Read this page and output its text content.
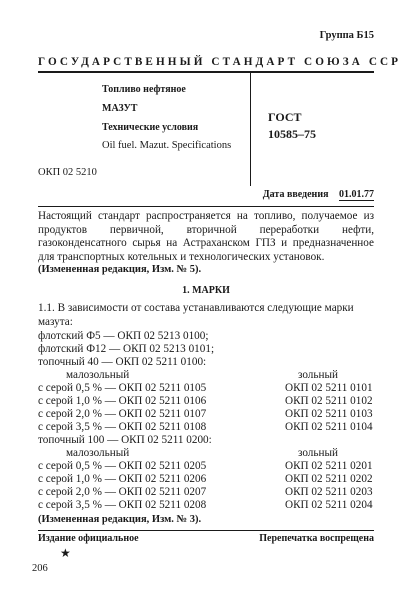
Группа Б15
ГОСУДАРСТВЕННЫЙ СТАНДАРТ СОЮЗА ССР
Топливо нефтяное
МАЗУТ
Технические условия
Oil fuel. Mazut. Specifications
ГОСТ
10585–75
ОКП 02 5210
Дата введения 01.01.77
Настоящий стандарт распространяется на топливо, получаемое из продуктов первичной, вторичной переработки нефти, газоконденсатного сырья на Астраханском ГПЗ и предназначенное для транспортных котельных и технологических установок.
(Измененная редакция, Изм. № 5).
1. МАРКИ
1.1. В зависимости от состава устанавливаются следующие марки мазута:
флотский Ф5 — ОКП 02 5213 0100;
флотский Ф12 — ОКП 02 5213 0101;
топочный 40 — ОКП 02 5211 0100:
малозольный	зольный
с серой 0,5 % — ОКП 02 5211 0105	ОКП 02 5211 0101
с серой 1,0 % — ОКП 02 5211 0106	ОКП 02 5211 0102
с серой 2,0 % — ОКП 02 5211 0107	ОКП 02 5211 0103
с серой 3,5 % — ОКП 02 5211 0108	ОКП 02 5211 0104
топочный 100 — ОКП 02 5211 0200:
малозольный	зольный
с серой 0,5 % — ОКП 02 5211 0205	ОКП 02 5211 0201
с серой 1,0 % — ОКП 02 5211 0206	ОКП 02 5211 0202
с серой 2,0 % — ОКП 02 5211 0207	ОКП 02 5211 0203
с серой 3,5 % — ОКП 02 5211 0208	ОКП 02 5211 0204
(Измененная редакция, Изм. № 3).
Издание официальное	Перепечатка воспрещена
★
206
